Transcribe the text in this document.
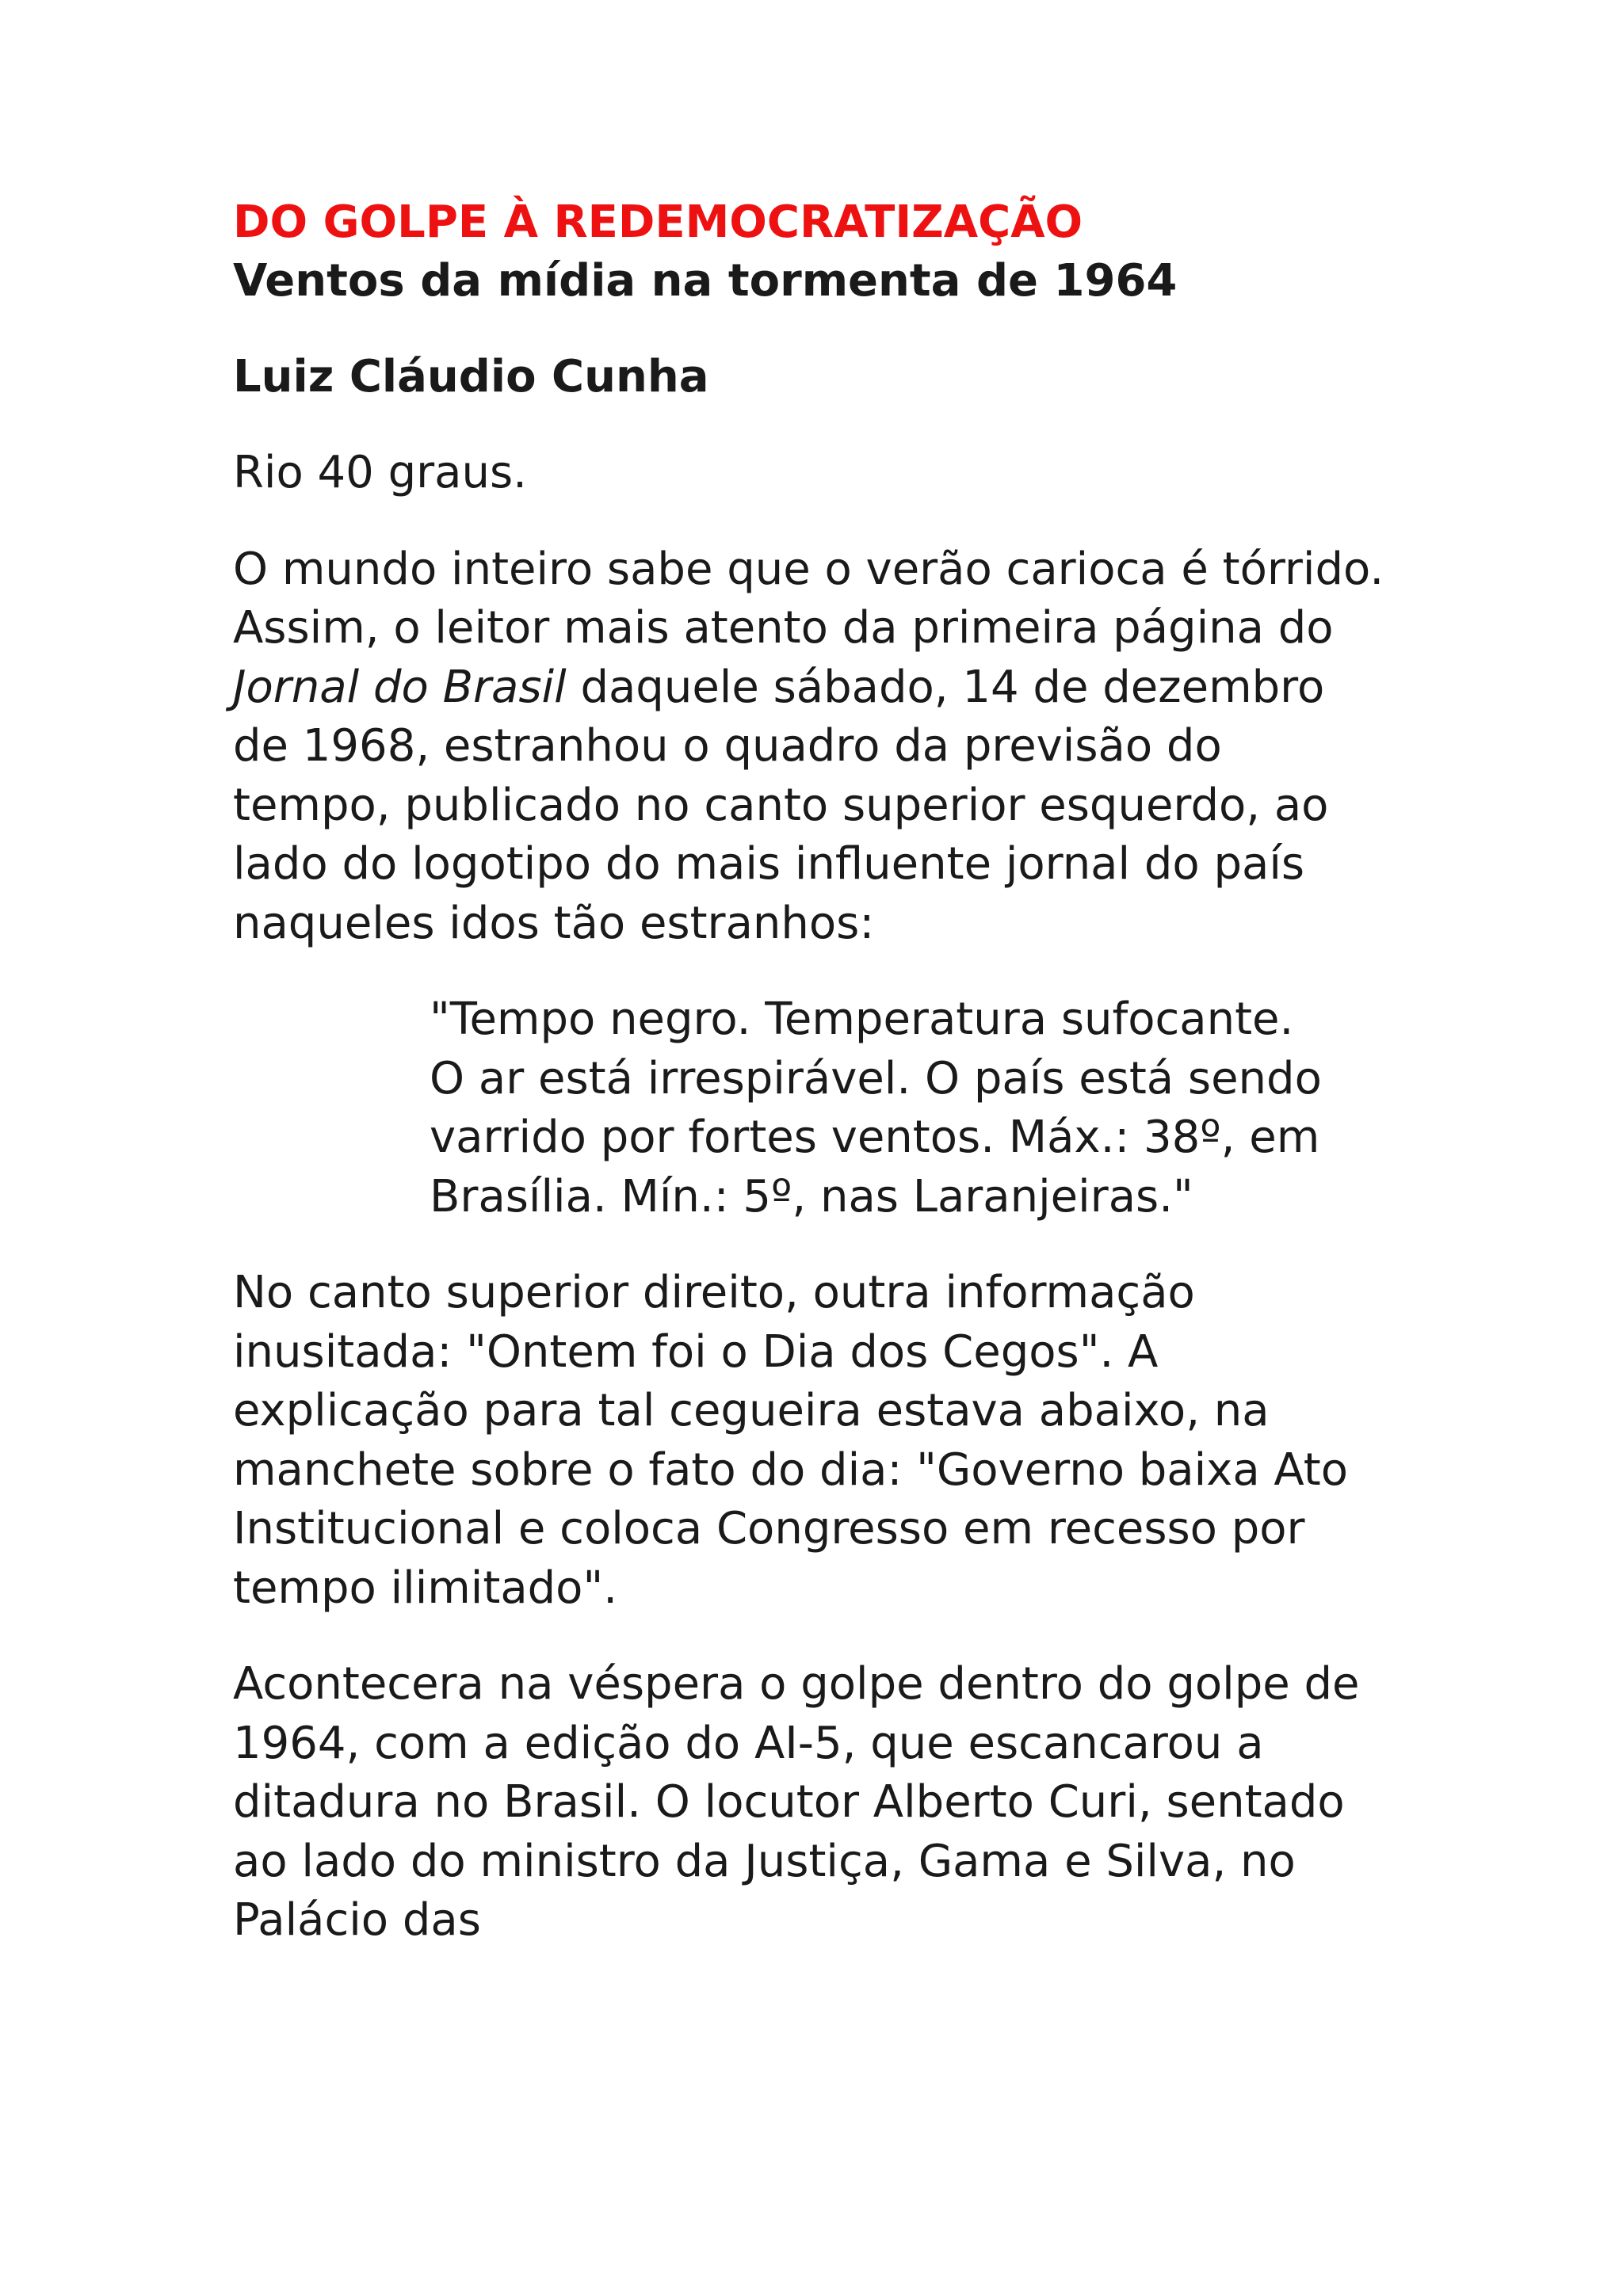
DO GOLPE À REDEMOCRATIZAÇÃO
Ventos da mídia na tormenta de 1964
Luiz Cláudio Cunha

Rio 40 graus.

O mundo inteiro sabe que o verão carioca é tórrido. Assim, o leitor mais atento da primeira página do Jornal do Brasil daquele sábado, 14 de dezembro de 1968, estranhou o quadro da previsão do tempo, publicado no canto superior esquerdo, ao lado do logotipo do mais influente jornal do país naqueles idos tão estranhos:

"Tempo negro. Temperatura sufocante. O ar está irrespirável. O país está sendo varrido por fortes ventos. Máx.: 38º, em Brasília. Mín.: 5º, nas Laranjeiras."

No canto superior direito, outra informação inusitada: "Ontem foi o Dia dos Cegos". A explicação para tal cegueira estava abaixo, na manchete sobre o fato do dia: "Governo baixa Ato Institucional e coloca Congresso em recesso por tempo ilimitado".

Acontecera na véspera o golpe dentro do golpe de 1964, com a edição do AI-5, que escancarou a ditadura no Brasil. O locutor Alberto Curi, sentado ao lado do ministro da Justiça, Gama e Silva, no Palácio das
